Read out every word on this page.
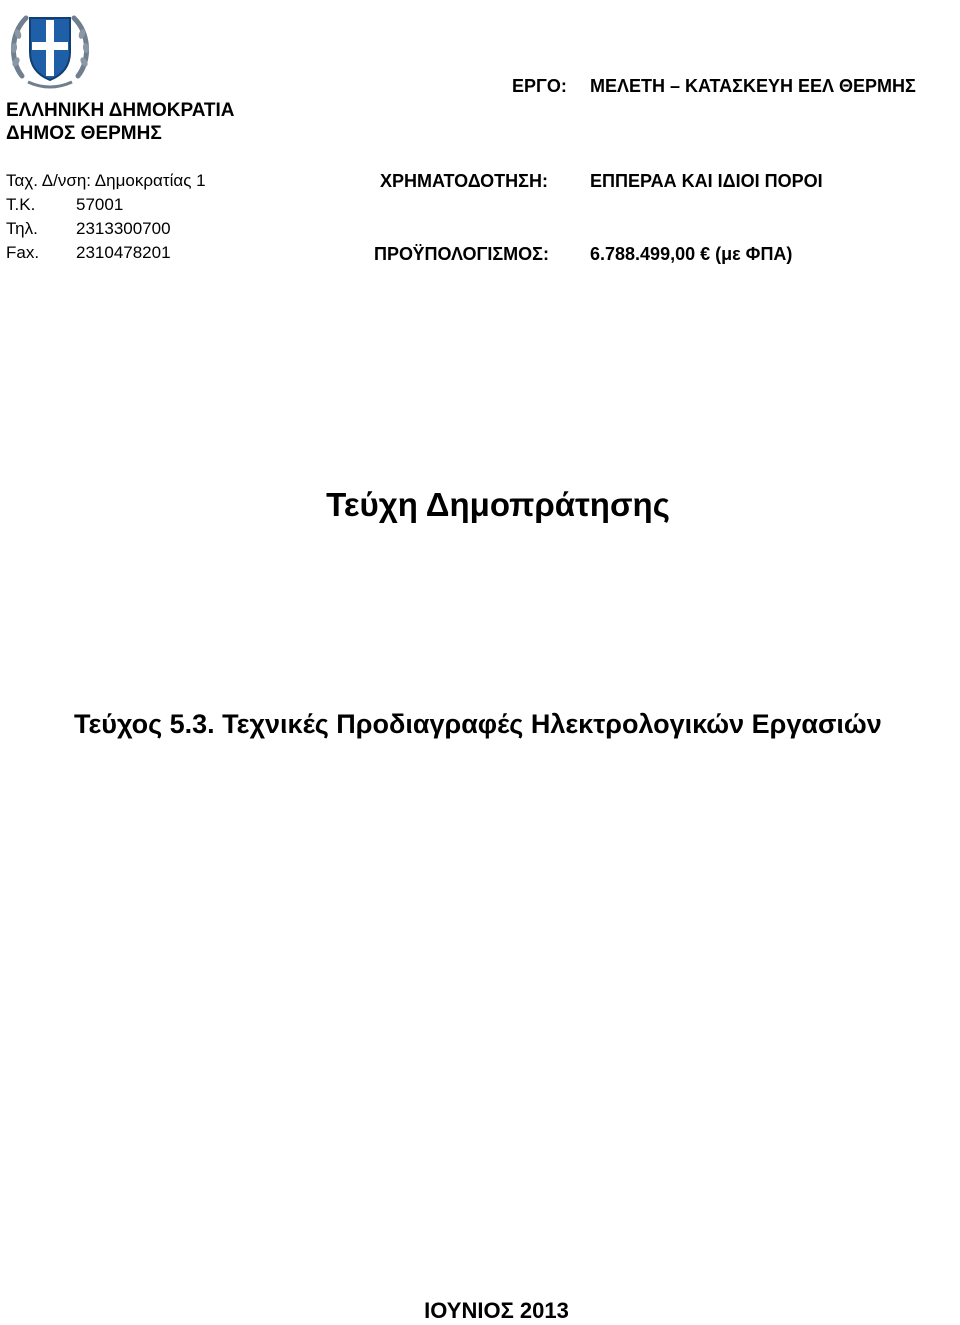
ΕΛΛΗΝΙΚΗ ΔΗΜΟΚΡΑΤΙΑ
ΔΗΜΟΣ ΘΕΡΜΗΣ
Ταχ. Δ/νση: Δημοκρατίας 1
Τ.Κ. 57001
Τηλ. 2313300700
Fax. 2310478201
ΕΡΓΟ: ΜΕΛΕΤΗ – ΚΑΤΑΣΚΕΥΗ ΕΕΛ ΘΕΡΜΗΣ
ΧΡΗΜΑΤΟΔΟΤΗΣΗ: ΕΠΠΕΡΑΑ ΚΑΙ ΙΔΙΟΙ ΠΟΡΟΙ
ΠΡΟΫΠΟΛΟΓΙΣΜΟΣ: 6.788.499,00 € (με ΦΠΑ)
Τεύχη Δημοπράτησης
Τεύχος 5.3. Τεχνικές Προδιαγραφές Ηλεκτρολογικών Εργασιών
ΙΟΥΝΙΟΣ 2013
